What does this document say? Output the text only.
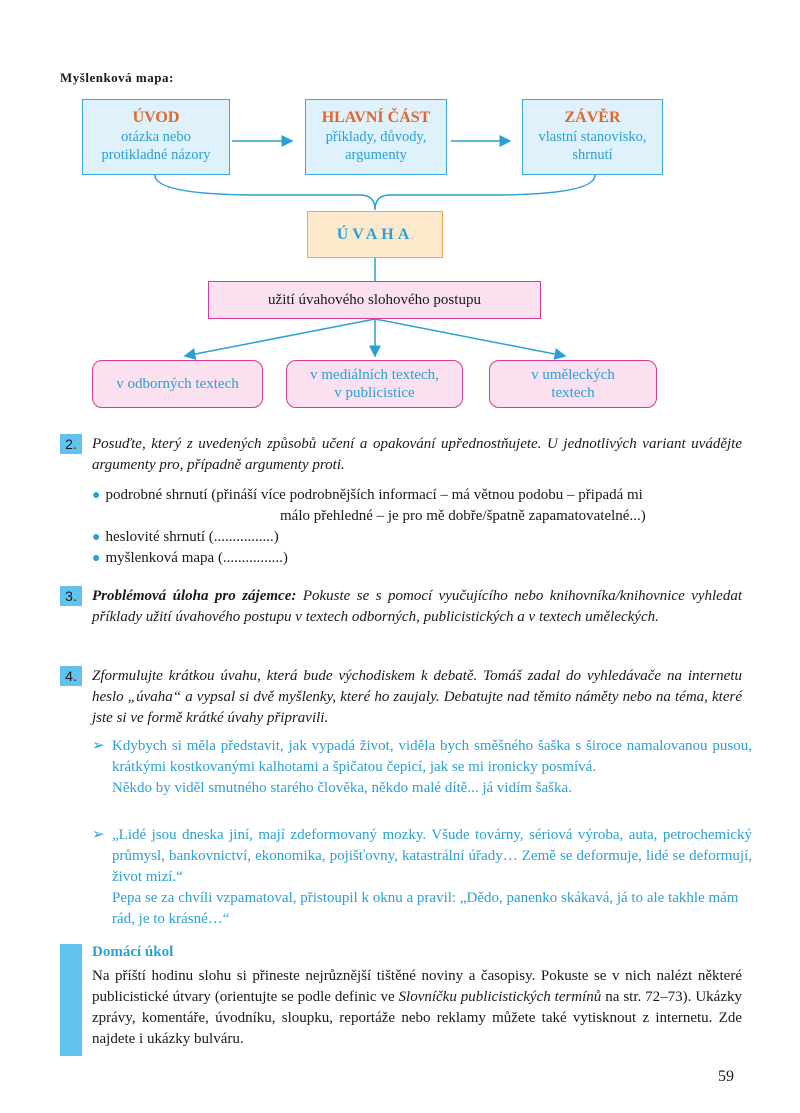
Myšlenková mapa:
ÚVOD
otázka nebo
protikladné názory
HLAVNÍ ČÁST
příklady, důvody,
argumenty
ZÁVĚR
vlastní stanovisko,
shrnutí
ÚVAHA
užití úvahového slohového postupu
v odborných textech
v mediálních textech,
v publicistice
v uměleckých
textech
2.	Posuďte, který z uvedených způsobů učení a opakování upřednostňujete. U jednotlivých variant uvádějte argumenty pro, případně argumenty proti.
● podrobné shrnutí (přináší více podrobnějších informací – má větnou podobu – připadá mi
málo přehledné – je pro mě dobře/špatně zapamatovatelné...)
● heslovité shrnutí (................)
● myšlenková mapa (................)
3.	Problémová úloha pro zájemce: Pokuste se s pomocí vyučujícího nebo knihovníka/knihovnice vyhledat příklady užití úvahového postupu v textech odborných, publicistických a v textech uměleckých.
4.	Zformulujte krátkou úvahu, která bude východiskem k debatě. Tomáš zadal do vyhledávače na internetu heslo „úvaha“ a vypsal si dvě myšlenky, které ho zaujaly. Debatujte nad těmito náměty nebo na téma, které jste si ve formě krátké úvahy připravili.
➢ Kdybych si měla představit, jak vypadá život, viděla bych směšného šaška s široce namalovanou pusou, krátkými kostkovanými kalhotami a špičatou čepicí, jak se mi ironicky posmívá.
Někdo by viděl smutného starého člověka, někdo malé dítě... já vidím šaška.
➢ „Lidé jsou dneska jiní, mají zdeformovaný mozky. Všude továrny, sériová výroba, auta, petrochemický průmysl, bankovnictví, ekonomika, pojišťovny, katastrální úřady… Země se deformuje, lidé se deformují, život mizí.“
Pepa se za chvíli vzpamatoval, přistoupil k oknu a pravil: „Dědo, panenko skákavá, já to ale takhle mám rád, je to krásné…“
Domácí úkol
Na příští hodinu slohu si přineste nejrůznější tištěné noviny a časopisy. Pokuste se v nich nalézt některé publicistické útvary (orientujte se podle definic ve Slovníčku publicistických termínů na str. 72–73). Ukázky zprávy, komentáře, úvodníku, sloupku, reportáže nebo reklamy můžete také vytisknout z internetu. Zde najdete i ukázky bulváru.
59
